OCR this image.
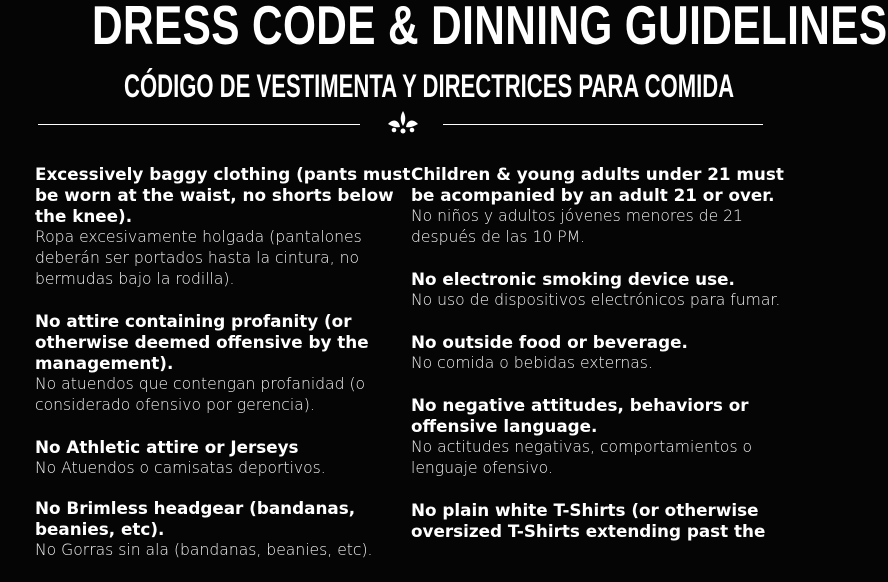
DRESS CODE & DINNING GUIDELINES
CÓDIGO DE VESTIMENTA Y DIRECTRICES PARA COMIDA
Excessively baggy clothing (pants must be worn at the waist, no shorts below the knee).
Ropa excesivamente holgada (pantalones deberán ser portados hasta la cintura, no bermudas bajo la rodilla).
No attire containing profanity (or otherwise deemed offensive by the management).
No atuendos que contengan profanidad (o considerado ofensivo por gerencia).
No Athletic attire or Jerseys
No Atuendos o camisatas deportivos.
No Brimless headgear (bandanas, beanies, etc).
No Gorras sin ala (bandanas, beanies, etc).
Children & young adults under 21 must be acompanied by an adult 21 or over.
No niños y adultos jóvenes menores de 21 después de las 10 PM.
No electronic smoking device use.
No uso de dispositivos electrónicos para fumar.
No outside food or beverage.
No comida o bebidas externas.
No negative attitudes, behaviors or offensive language.
No actitudes negativas, comportamientos o lenguaje ofensivo.
No plain white T-Shirts (or otherwise oversized T-Shirts extending past the
